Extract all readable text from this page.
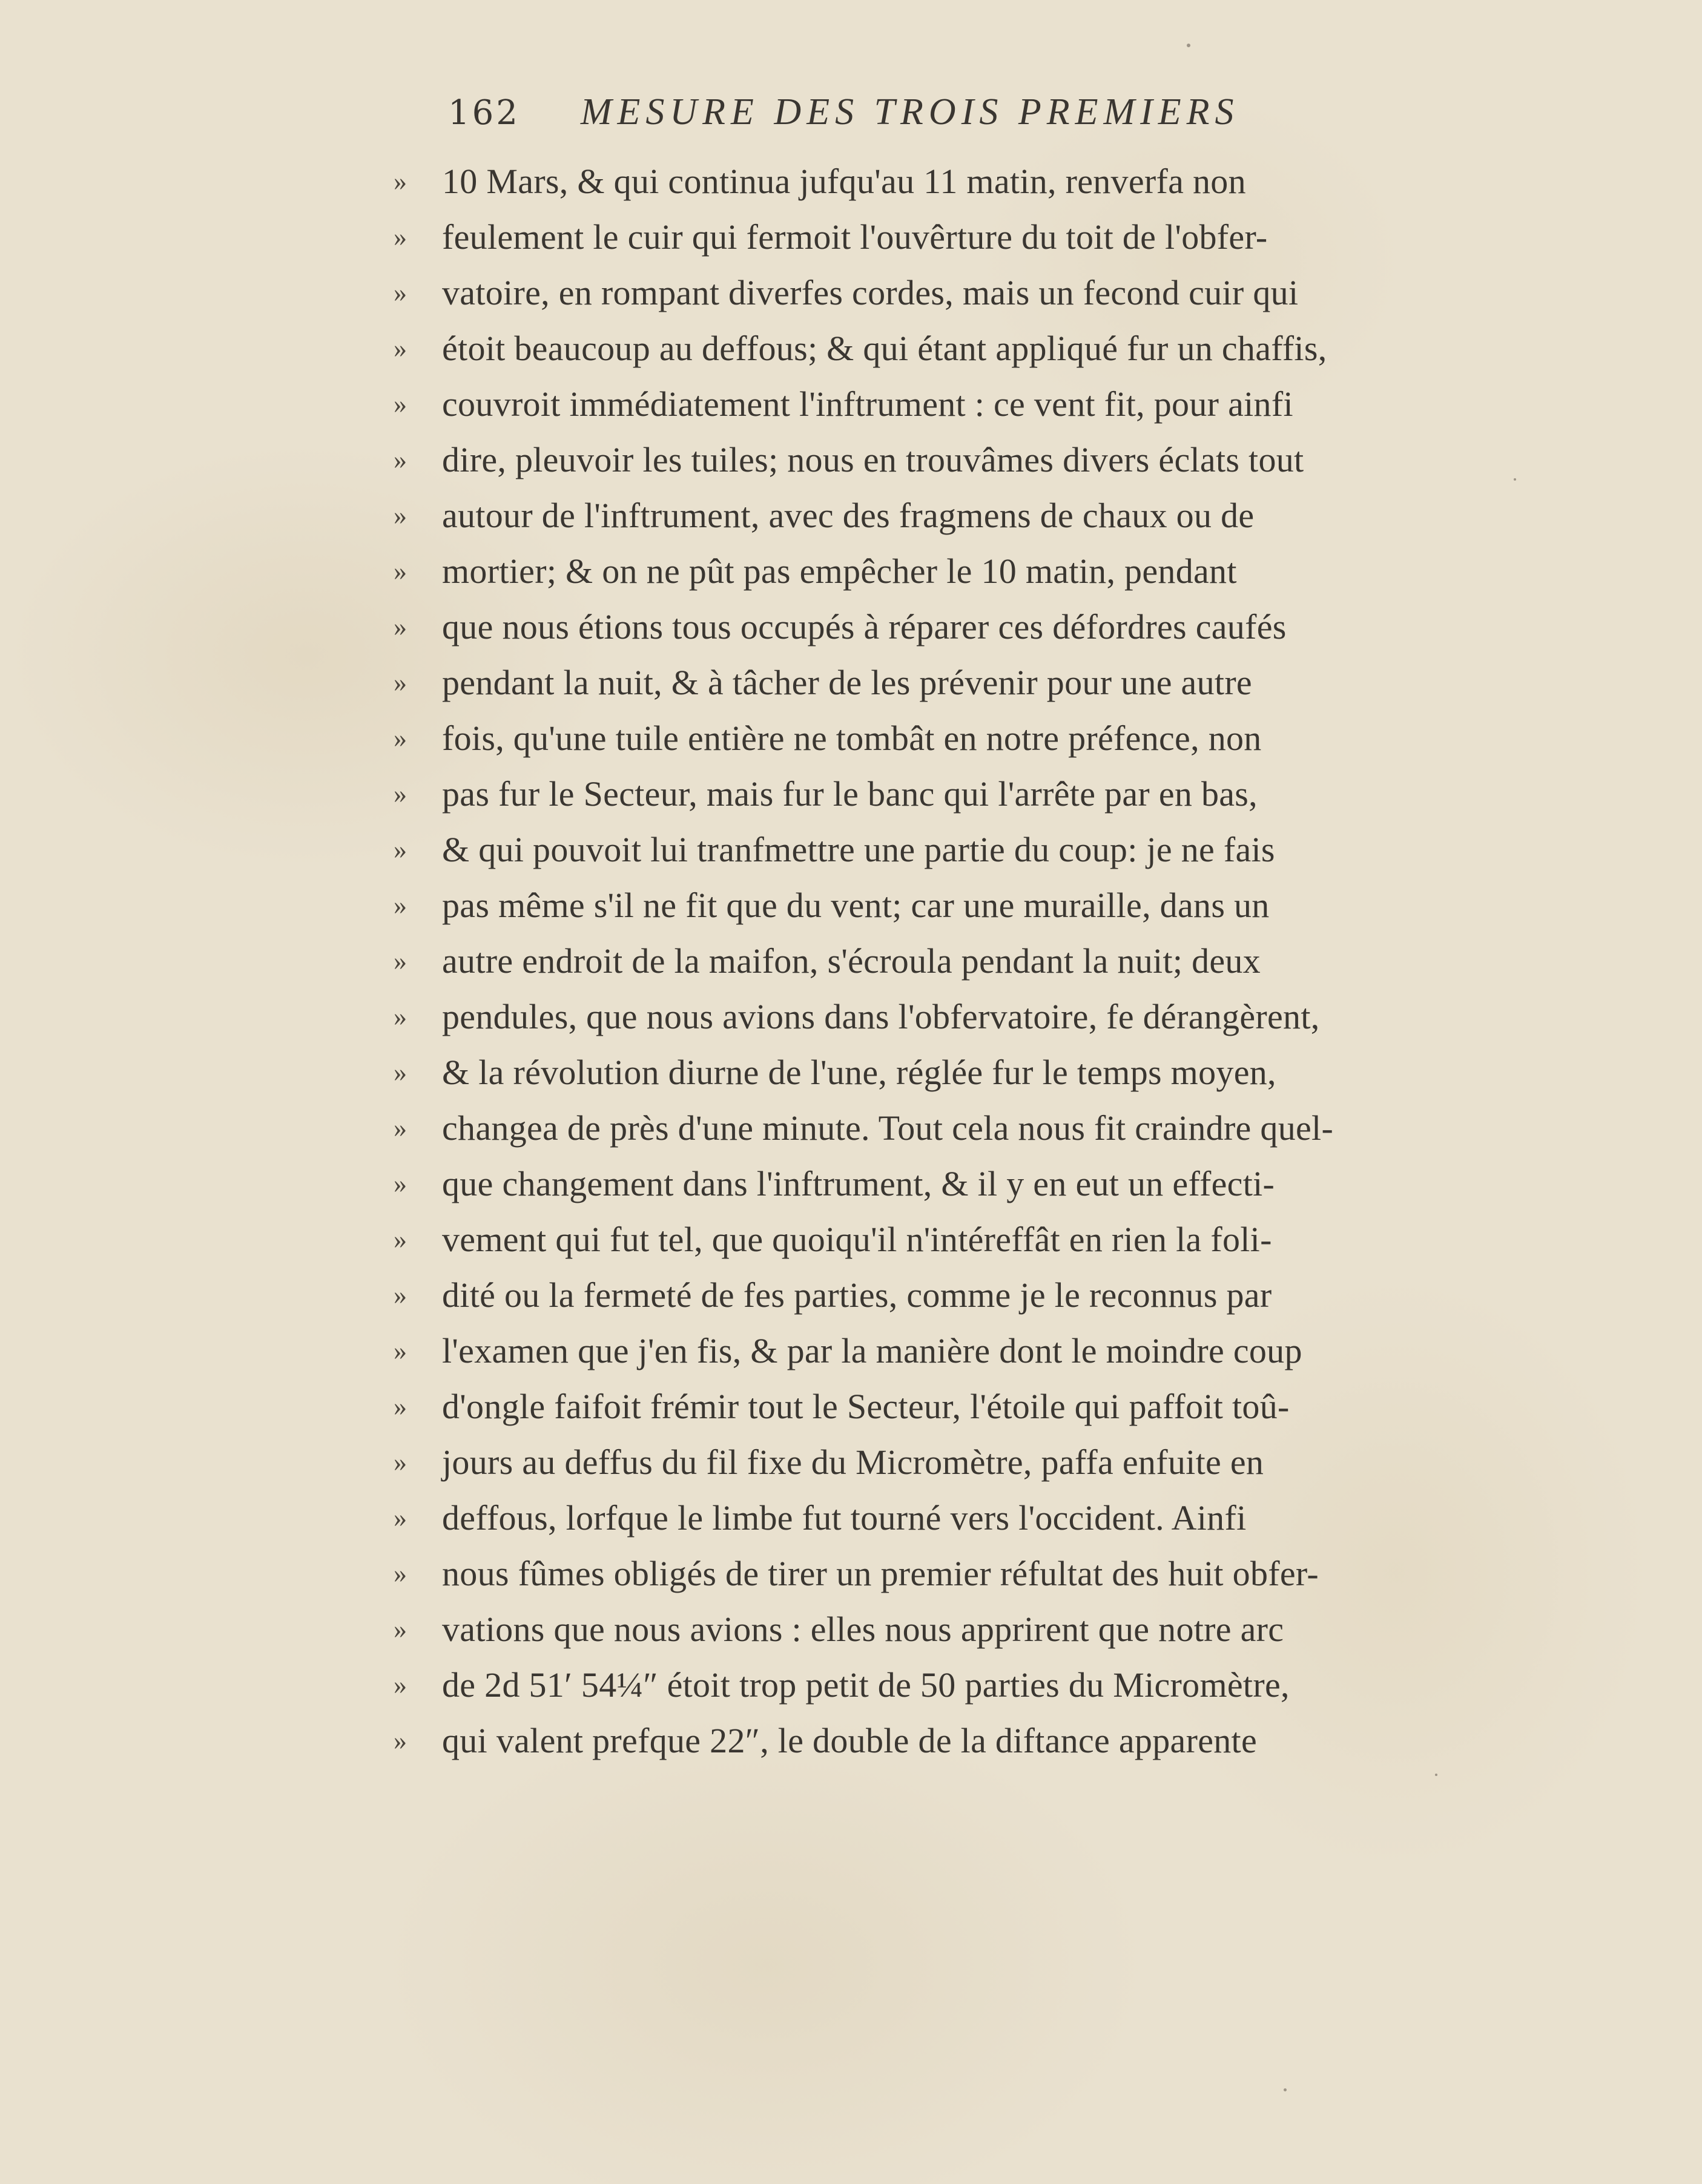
162 MESURE DES TROIS PREMIERS
» 10 Mars, & qui continua jufqu'au 11 matin, renverfa non
» feulement le cuir qui fermoit l'ouvêrture du toit de l'obfer-
» vatoire, en rompant diverfes cordes, mais un fecond cuir qui
» étoit beaucoup au deffous; & qui étant appliqué fur un chaffis,
» couvroit immédiatement l'inftrument : ce vent fit, pour ainfi
» dire, pleuvoir les tuiles; nous en trouvâmes divers éclats tout
» autour de l'inftrument, avec des fragmens de chaux ou de
» mortier; & on ne pût pas empêcher le 10 matin, pendant
» que nous étions tous occupés à réparer ces défordres caufés
» pendant la nuit, & à tâcher de les prévenir pour une autre
» fois, qu'une tuile entière ne tombât en notre préfence, non
» pas fur le Secteur, mais fur le banc qui l'arrête par en bas,
» & qui pouvoit lui tranfmettre une partie du coup: je ne fais
» pas même s'il ne fit que du vent; car une muraille, dans un
» autre endroit de la maifon, s'écroula pendant la nuit; deux
» pendules, que nous avions dans l'obfervatoire, fe dérangèrent,
» & la révolution diurne de l'une, réglée fur le temps moyen,
» changea de près d'une minute. Tout cela nous fit craindre quel-
» que changement dans l'inftrument, & il y en eut un effecti-
» vement qui fut tel, que quoiqu'il n'intéreffât en rien la foli-
» dité ou la fermeté de fes parties, comme je le reconnus par
» l'examen que j'en fis, & par la manière dont le moindre coup
» d'ongle faifoit frémir tout le Secteur, l'étoile qui paffoit toû-
» jours au deffus du fil fixe du Micromètre, paffa enfuite en
» deffous, lorfque le limbe fut tourné vers l'occident. Ainfi
» nous fûmes obligés de tirer un premier réfultat des huit obfer-
» vations que nous avions : elles nous apprirent que notre arc
» de 2d 51′ 54¼″ étoit trop petit de 50 parties du Micromètre,
» qui valent prefque 22″, le double de la diftance apparente
